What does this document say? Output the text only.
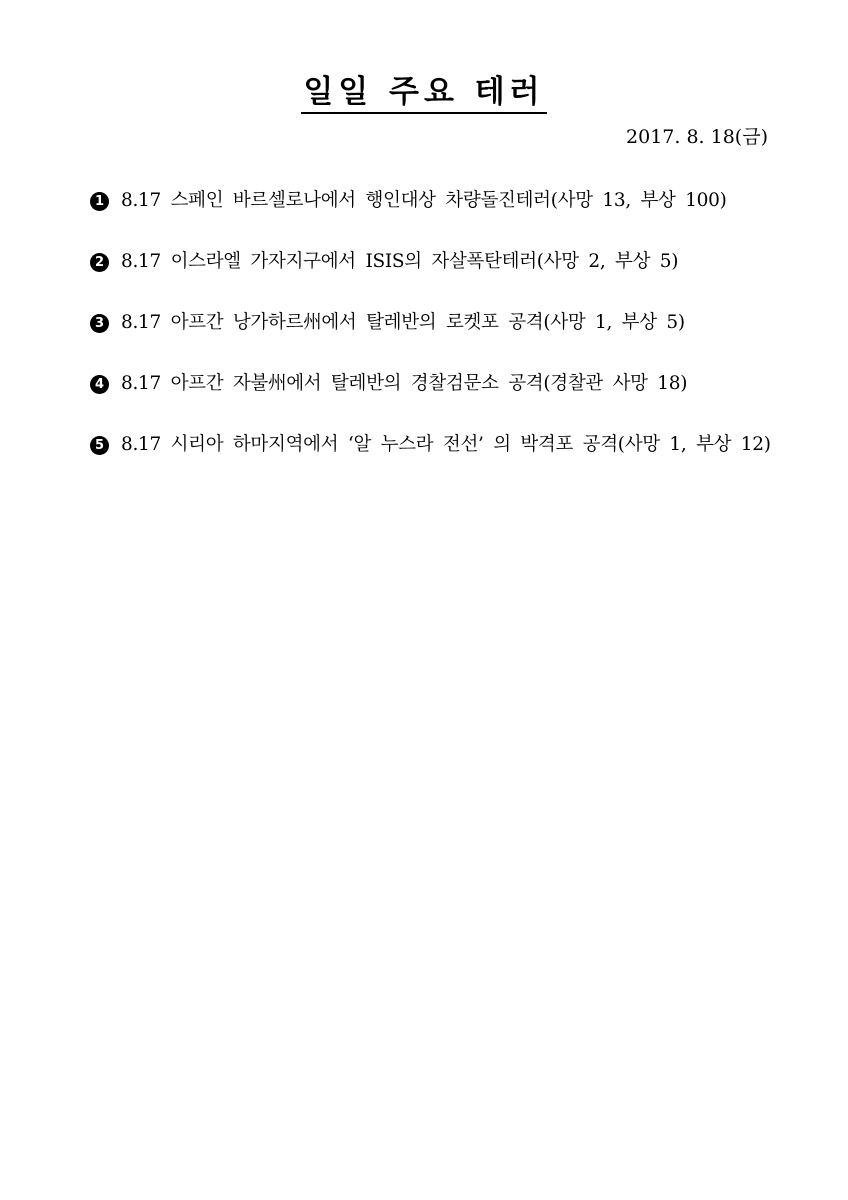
일일 주요 테러
2017. 8. 18(금)
1 8.17 스페인 바르셀로나에서 행인대상 차량돌진테러(사망 13, 부상 100)
2 8.17 이스라엘 가자지구에서 ISIS의 자살폭탄테러(사망 2, 부상 5)
3 8.17 아프간 낭가하르州에서 탈레반의 로켓포 공격(사망 1, 부상 5)
4 8.17 아프간 자불州에서 탈레반의 경찰검문소 공격(경찰관 사망 18)
5 8.17 시리아 하마지역에서 ‘알 누스라 전선’ 의 박격포 공격(사망 1, 부상 12)
